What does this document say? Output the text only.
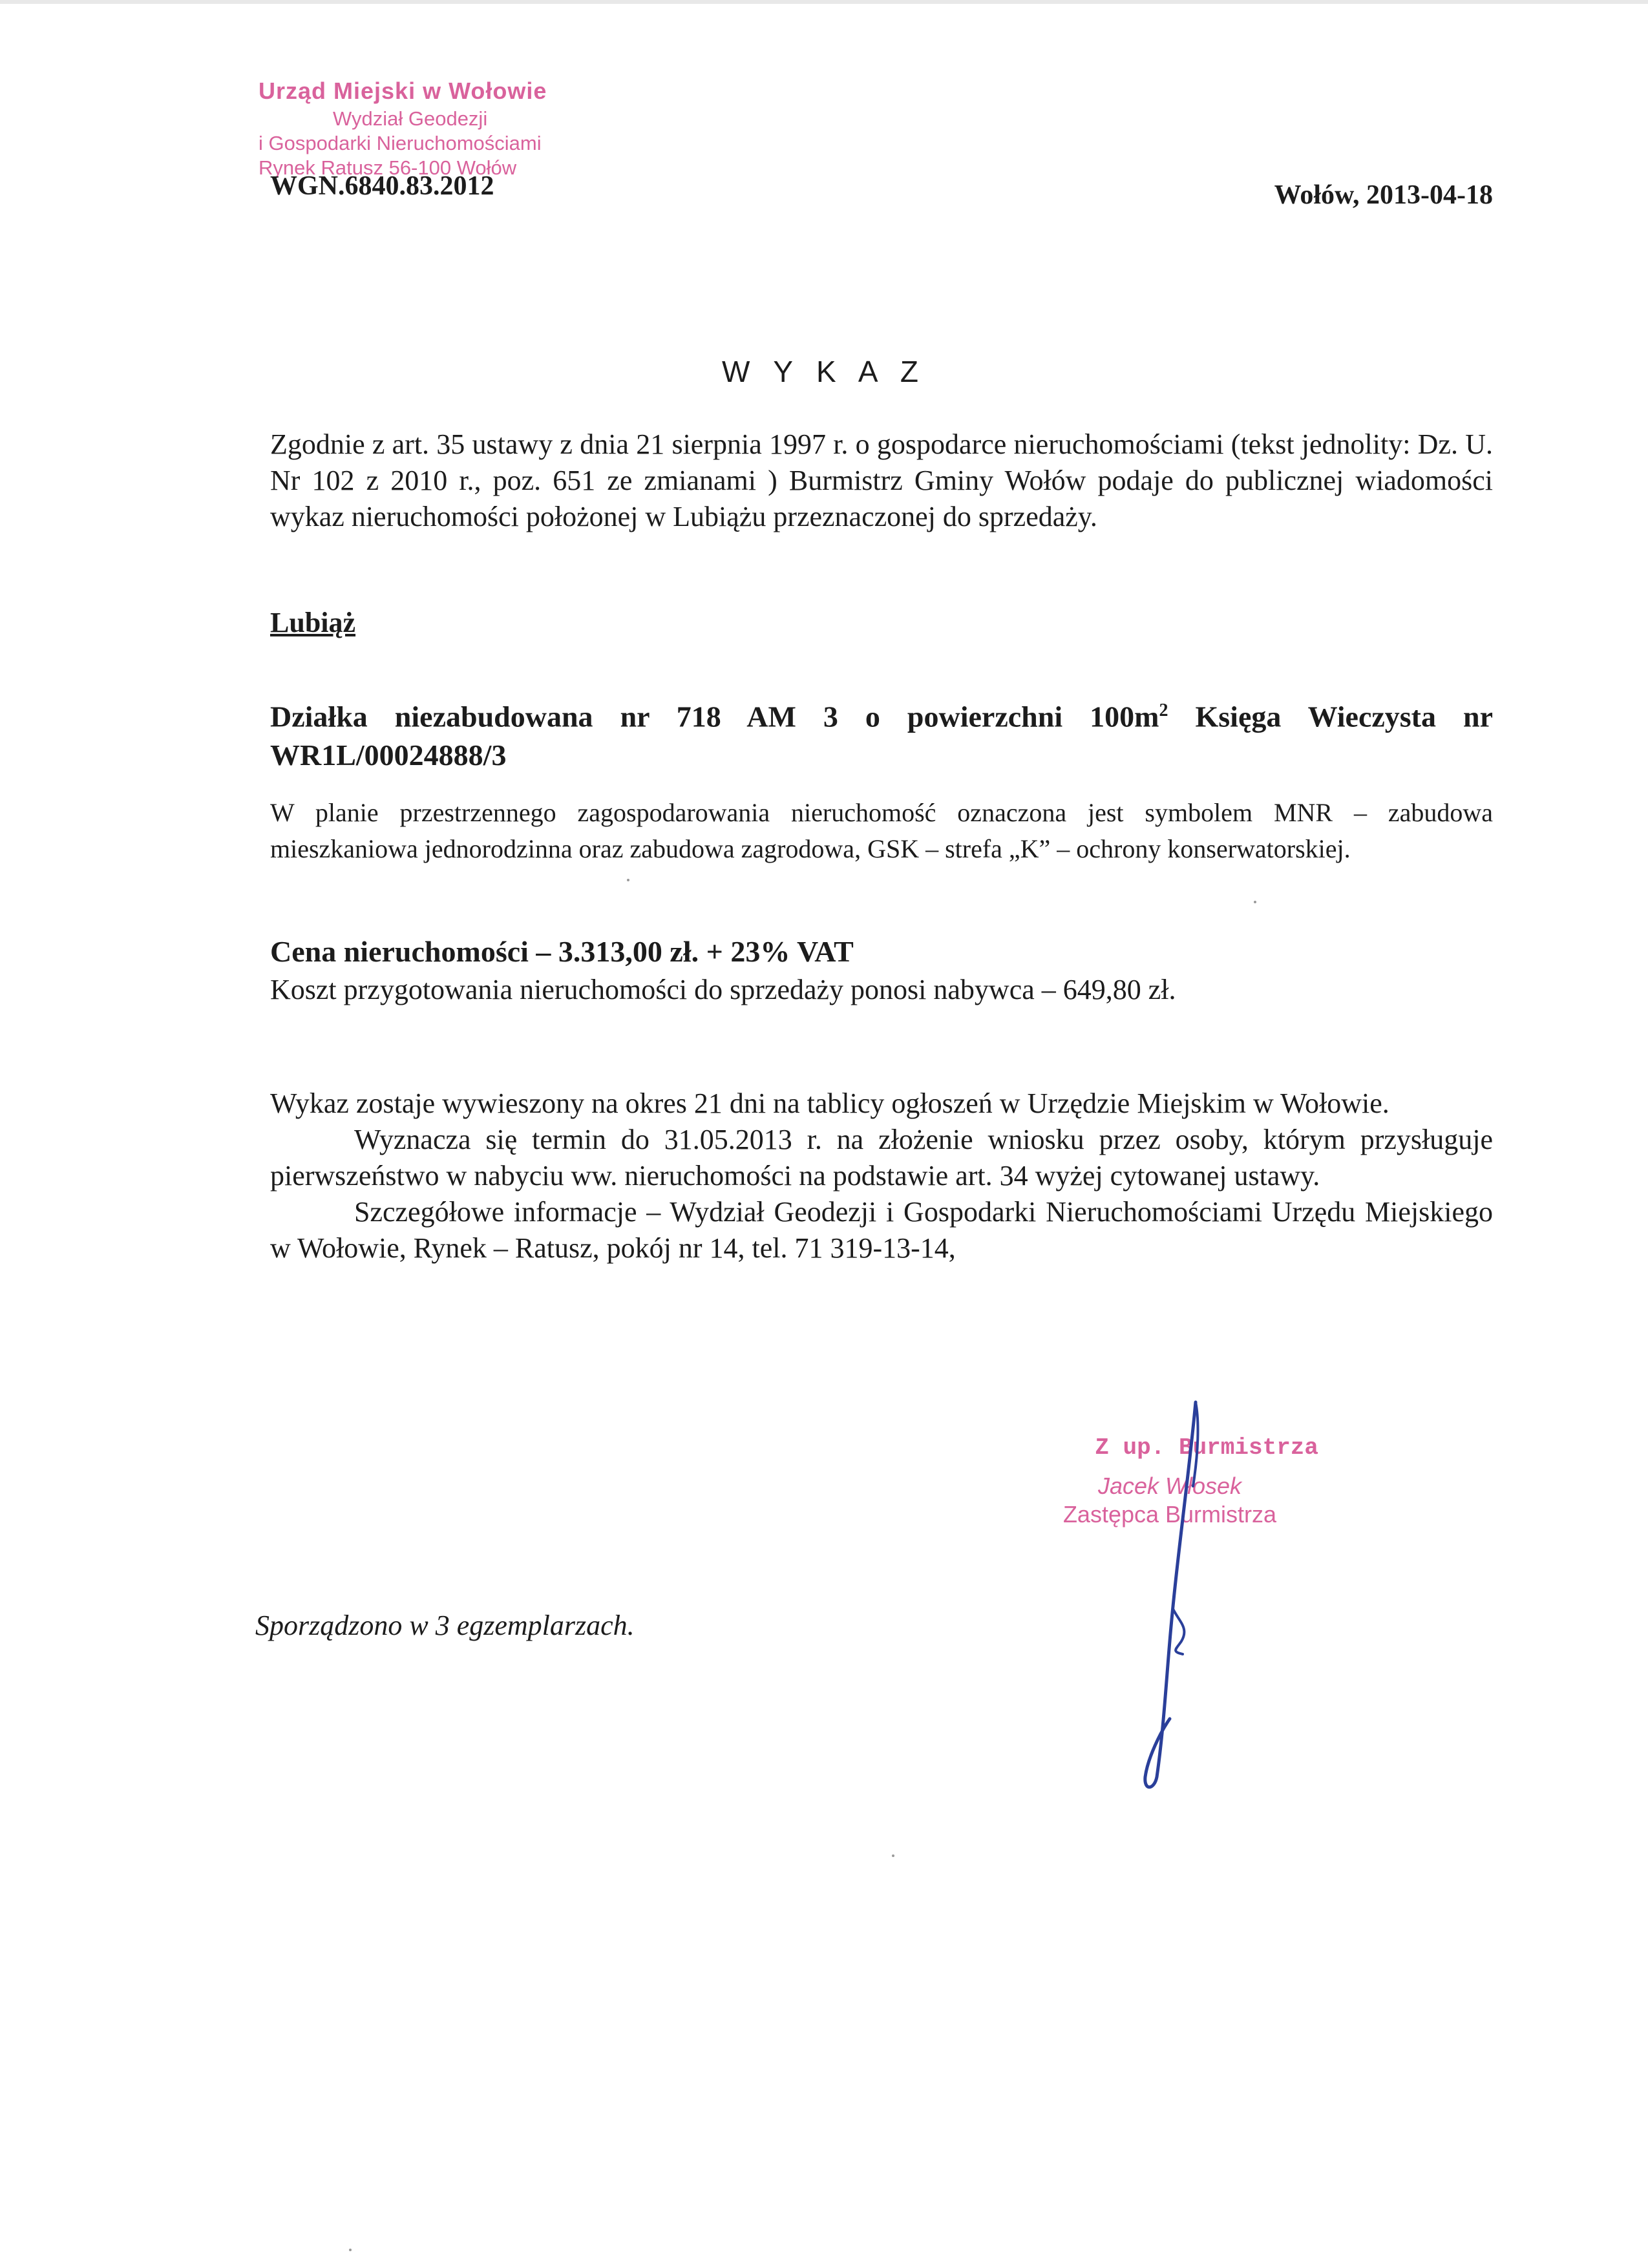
Urząd Miejski w Wołowie
Wydział Geodezji
i Gospodarki Nieruchomościami
Rynek Ratusz 56-100 Wołów
WGN.6840.83.2012	Wołów, 2013-04-18
W Y K A Z
Zgodnie z art. 35 ustawy z dnia 21 sierpnia 1997 r. o gospodarce nieruchomościami (tekst jednolity: Dz. U. Nr 102 z 2010 r., poz. 651 ze zmianami ) Burmistrz Gminy Wołów podaje do publicznej wiadomości wykaz nieruchomości położonej w Lubiążu przeznaczonej do sprzedaży.
Lubiąż
Działka niezabudowana nr 718 AM 3 o powierzchni $100m^2$ Księga Wieczysta nr WR1L/00024888/3
W planie przestrzennego zagospodarowania nieruchomość oznaczona jest symbolem MNR – zabudowa mieszkaniowa jednorodzinna oraz zabudowa zagrodowa, GSK – strefa „K” – ochrony konserwatorskiej.
Cena nieruchomości – 3.313,00 zł. + 23% VAT
Koszt przygotowania nieruchomości do sprzedaży ponosi nabywca – 649,80 zł.

Wykaz zostaje wywieszony na okres 21 dni na tablicy ogłoszeń w Urzędzie Miejskim w Wołowie.

Wyznacza się termin do 31.05.2013 r. na złożenie wniosku przez osoby, którym przysługuje pierwszeństwo w nabyciu ww. nieruchomości na podstawie art. 34 wyżej cytowanej ustawy.

Szczegółowe informacje – Wydział Geodezji i Gospodarki Nieruchomościami Urzędu Miejskiego w Wołowie, Rynek – Ratusz, pokój nr 14, tel. 71 319-13-14,

Z up. Burmistrza
Jacek Włosek
Zastępca Burmistrza
Sporządzono w 3 egzemplarzach.
